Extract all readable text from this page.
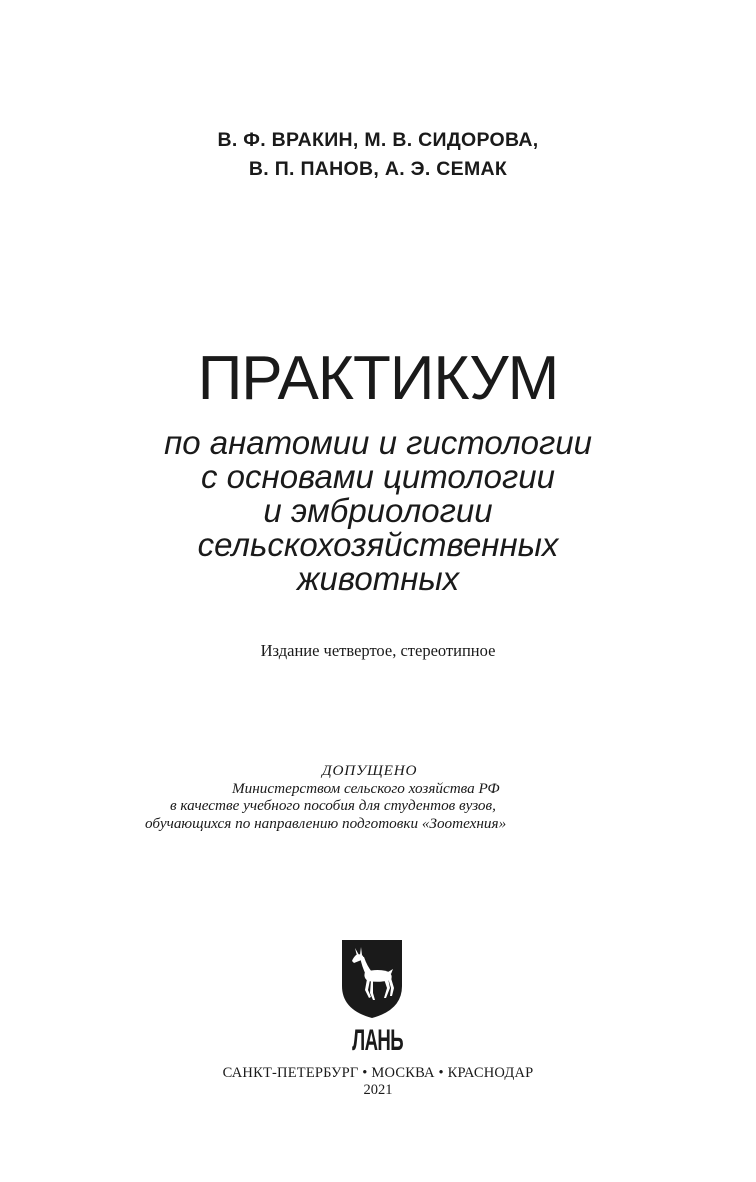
В. Ф. ВРАКИН, М. В. СИДОРОВА,
В. П. ПАНОВ, А. Э. СЕМАК
ПРАКТИКУМ
по анатомии и гистологии
с основами цитологии
и эмбриологии
сельскохозяйственных
животных
Издание четвертое, стереотипное
ДОПУЩЕНО
Министерством сельского хозяйства РФ
в качестве учебного пособия для студентов вузов,
обучающихся по направлению подготовки «Зоотехния»
ЛАНЬ
САНКТ-ПЕТЕРБУРГ • МОСКВА • КРАСНОДАР
2021
